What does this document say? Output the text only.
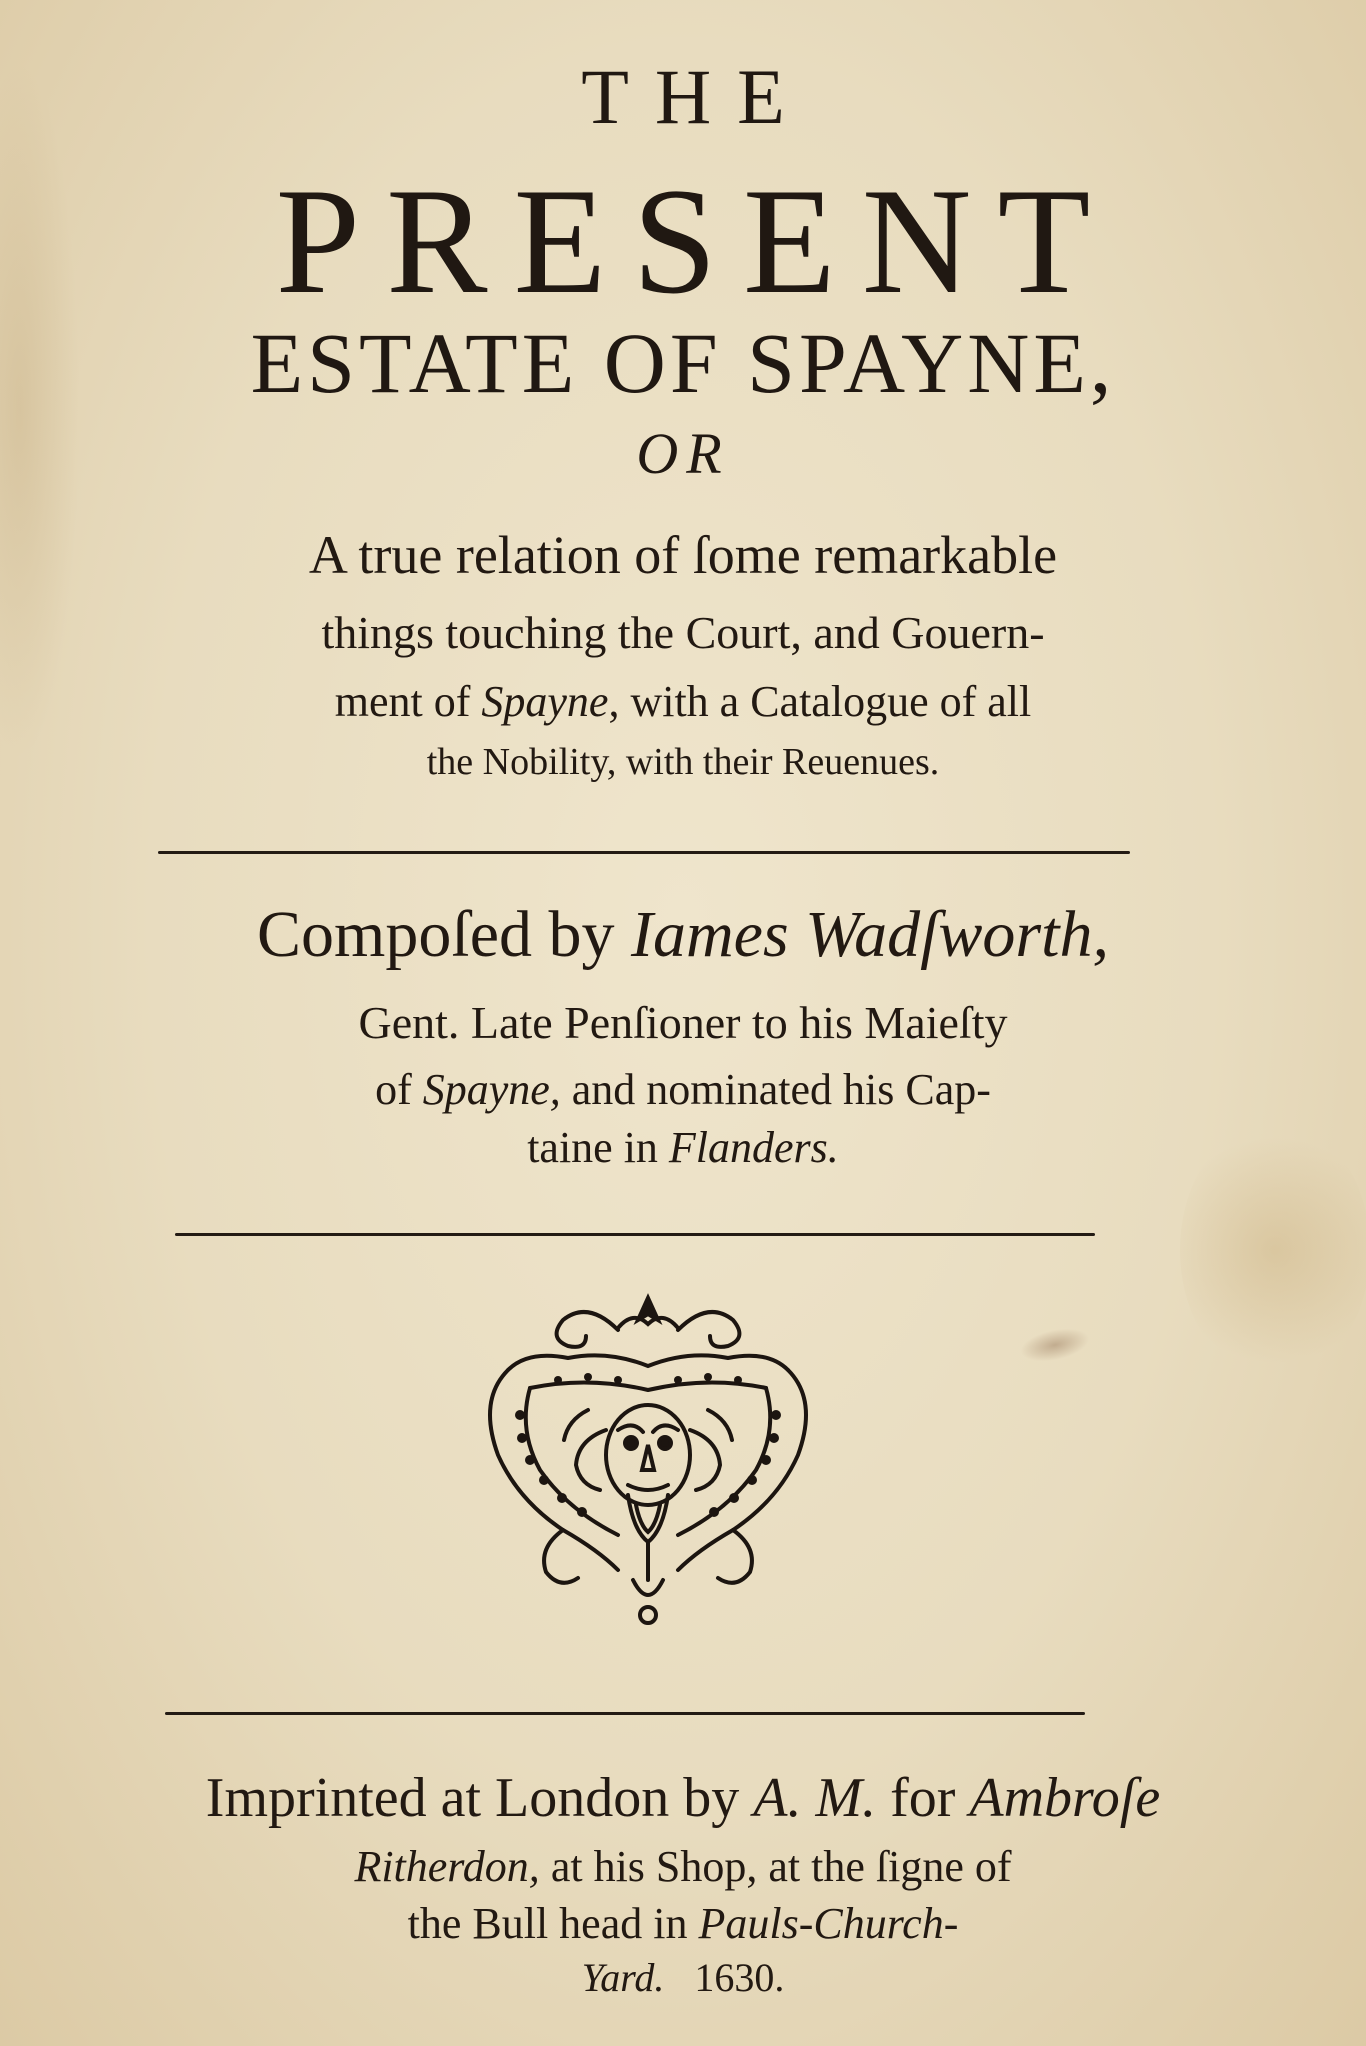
THE
PRESENT
ESTATE OF SPAYNE,
OR
A true relation of ſome remarkable
things touching the Court, and Gouern-
ment of Spayne, with a Catalogue of all
the Nobility, with their Reuenues.
Compoſed by Iames Wadſworth,
Gent. Late Penſioner to his Maieſty
of Spayne, and nominated his Cap-
taine in Flanders.
Imprinted at London by A. M. for Ambroſe
Ritherdon, at his Shop, at the ſigne of
the Bull head in Pauls-Church-
Yard. 1630.
